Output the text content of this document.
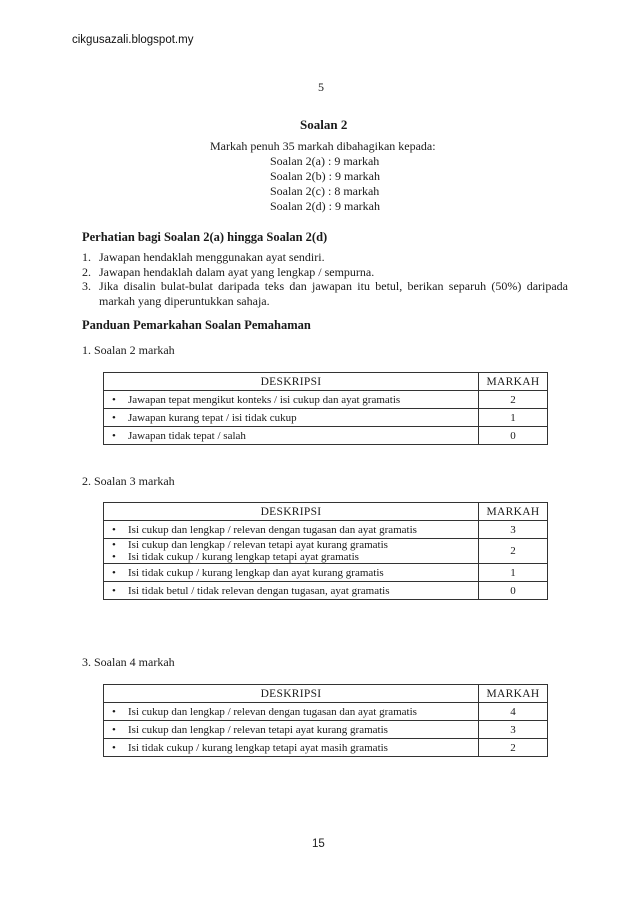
cikgusazali.blogspot.my
5
Soalan 2
Markah penuh 35 markah dibahagikan kepada:
Soalan 2(a) : 9 markah
Soalan 2(b) : 9 markah
Soalan 2(c) : 8 markah
Soalan 2(d) : 9 markah
Perhatian bagi Soalan 2(a) hingga Soalan 2(d)
1. Jawapan hendaklah menggunakan ayat sendiri.
2. Jawapan hendaklah dalam ayat yang lengkap / sempurna.
3. Jika disalin bulat-bulat daripada teks dan jawapan itu betul, berikan separuh (50%) daripada markah yang diperuntukkan sahaja.
Panduan Pemarkahan Soalan Pemahaman
1. Soalan 2 markah
DESKRIPSI	MARKAH
• Jawapan tepat mengikut konteks / isi cukup dan ayat gramatis	2
• Jawapan kurang tepat / isi tidak cukup	1
• Jawapan tidak tepat / salah	0
2. Soalan 3 markah
DESKRIPSI	MARKAH
• Isi cukup dan lengkap / relevan dengan tugasan dan ayat gramatis	3

• Isi cukup dan lengkap / relevan tetapi ayat kurang gramatis
• Isi tidak cukup / kurang lengkap tetapi ayat gramatis	2
• Isi tidak cukup / kurang lengkap dan ayat kurang gramatis	1
• Isi tidak betul / tidak relevan dengan tugasan, ayat gramatis	0
3. Soalan 4 markah
DESKRIPSI	MARKAH
• Isi cukup dan lengkap / relevan dengan tugasan dan ayat gramatis	4
• Isi cukup dan lengkap / relevan tetapi ayat kurang gramatis	3
• Isi tidak cukup / kurang lengkap tetapi ayat masih gramatis	2
15
